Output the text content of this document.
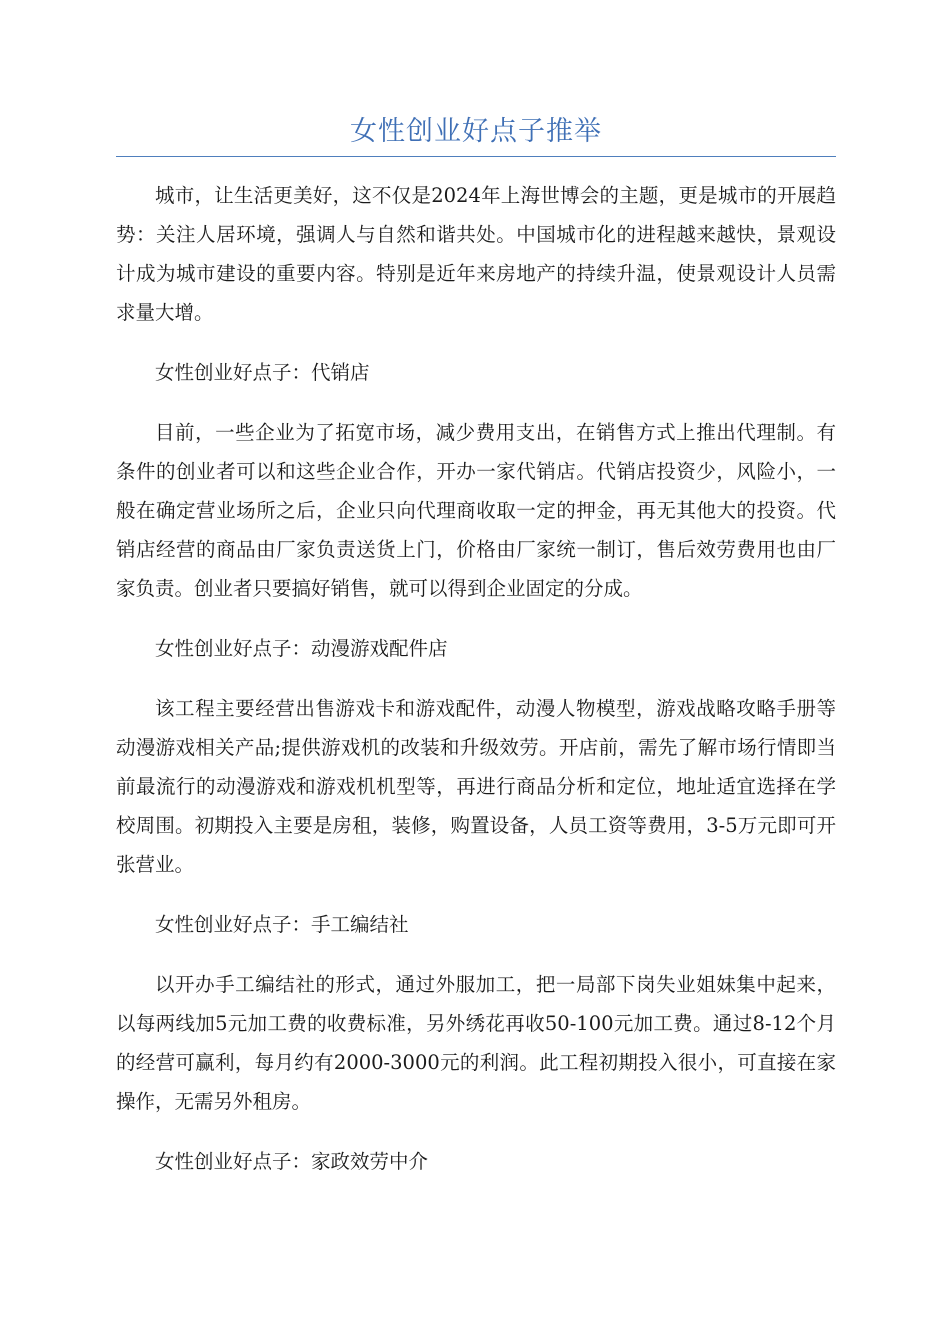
女性创业好点子推举

城市，让生活更美好，这不仅是2024年上海世博会的主题，更是城市的开展趋势：关注人居环境，强调人与自然和谐共处。中国城市化的进程越来越快，景观设计成为城市建设的重要内容。特别是近年来房地产的持续升温，使景观设计人员需求量大增。

女性创业好点子：代销店

目前，一些企业为了拓宽市场，减少费用支出，在销售方式上推出代理制。有条件的创业者可以和这些企业合作，开办一家代销店。代销店投资少，风险小，一般在确定营业场所之后，企业只向代理商收取一定的押金，再无其他大的投资。代销店经营的商品由厂家负责送货上门，价格由厂家统一制订，售后效劳费用也由厂家负责。创业者只要搞好销售，就可以得到企业固定的分成。

女性创业好点子：动漫游戏配件店

该工程主要经营出售游戏卡和游戏配件，动漫人物模型，游戏战略攻略手册等动漫游戏相关产品;提供游戏机的改装和升级效劳。开店前，需先了解市场行情即当前最流行的动漫游戏和游戏机机型等，再进行商品分析和定位，地址适宜选择在学校周围。初期投入主要是房租，装修，购置设备，人员工资等费用，3-5万元即可开张营业。

女性创业好点子：手工编结社

以开办手工编结社的形式，通过外服加工，把一局部下岗失业姐妹集中起来，以每两线加5元加工费的收费标准，另外绣花再收50-100元加工费。通过8-12个月的经营可赢利，每月约有2000-3000元的利润。此工程初期投入很小，可直接在家操作，无需另外租房。

女性创业好点子：家政效劳中介
